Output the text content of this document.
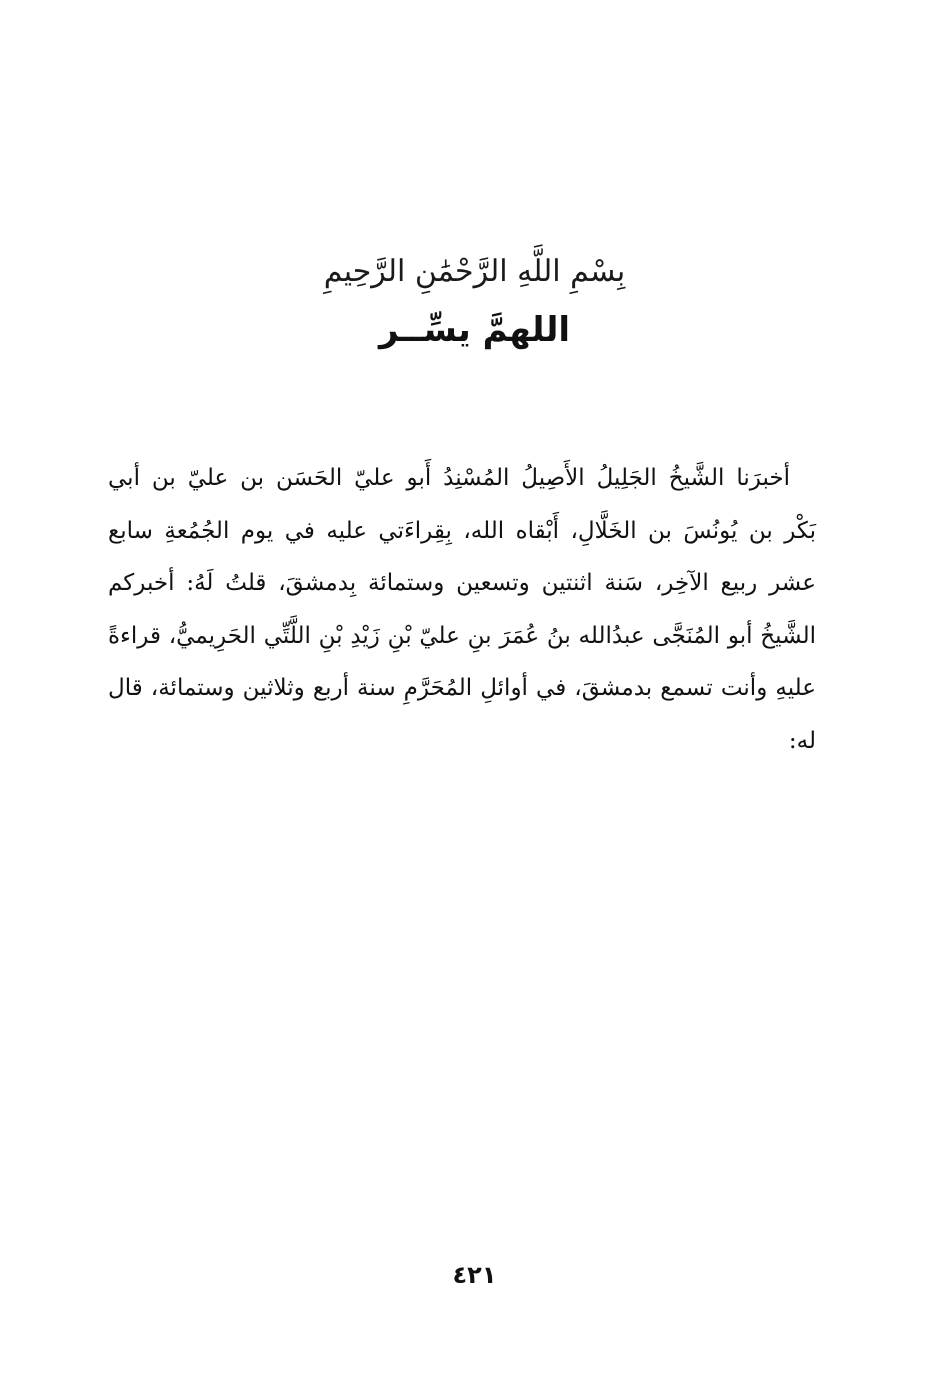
بِسْمِ اللَّهِ الرَّحْمَٰنِ الرَّحِيمِ
اللهمَّ يسِّــر
أخبرَنا الشَّيخُ الجَلِيلُ الأَصِيلُ المُسْنِدُ أَبو عليّ الحَسَن بن عليّ بن أبي
بَكْر بن يُونُسَ بن الخَلَّالِ، أَبْقاه الله، بِقِراءَتي عليه في يوم الجُمُعةِ سابع
عشر ربيع الآخِر، سَنة اثنتين وتسعين وستمائة بِدمشقَ، قلتُ لَهُ: أخبركم
الشَّيخُ أبو المُنَجَّى عبدُالله بنُ عُمَرَ بنِ عليّ بْنِ زَيْدِ بْنِ اللَّتِّي الحَرِيميُّ، قراءةً
عليهِ وأنت تسمع بدمشقَ، في أوائلِ المُحَرَّمِ سنة أربع وثلاثين وستمائة، قال
له:
٤٢١
